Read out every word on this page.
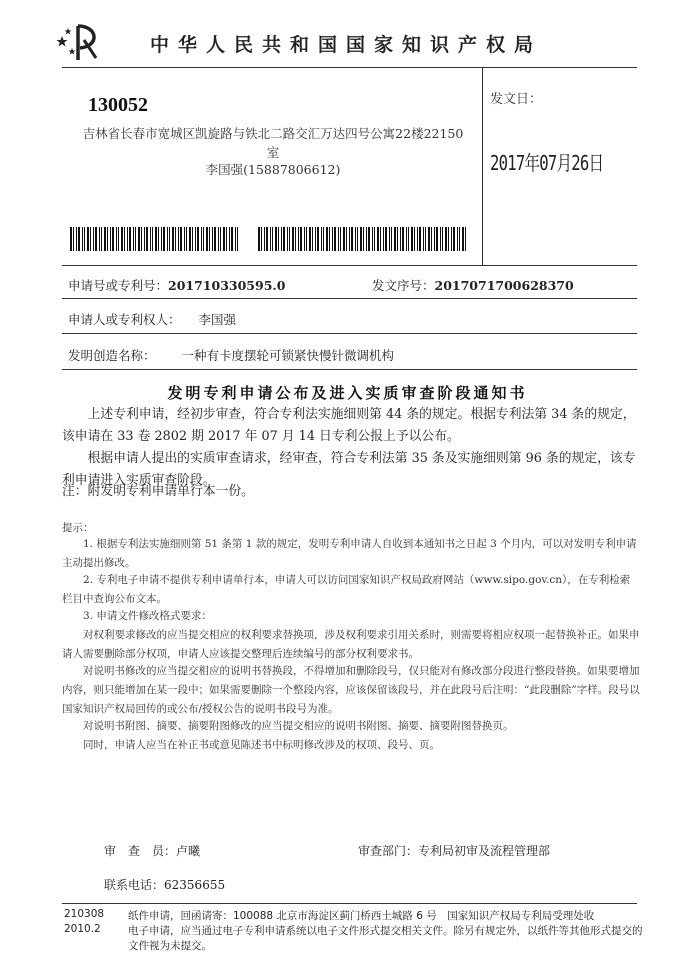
中华人民共和国国家知识产权局
130052
吉林省长春市宽城区凯旋路与铁北二路交汇万达四号公寓22楼22150室
李国强(15887806612)
发文日：
2017年07月26日
申请号或专利号：201710330595.0	发文序号：2017071700628370
申请人或专利权人： 李国强
发明创造名称： 一种有卡度摆轮可锁紧快慢针微调机构
发明专利申请公布及进入实质审查阶段通知书

上述专利申请，经初步审查，符合专利法实施细则第 44 条的规定。根据专利法第 34 条的规定，该申请在 33 卷 2802 期 2017 年 07 月 14 日专利公报上予以公布。

根据申请人提出的实质审查请求，经审查，符合专利法第 35 条及实施细则第 96 条的规定，该专利申请进入实质审查阶段。

注：附发明专利申请单行本一份。

提示：

1. 根据专利法实施细则第 51 条第 1 款的规定，发明专利申请人自收到本通知书之日起 3 个月内，可以对发明专利申请主动提出修改。

2. 专利电子申请不提供专利申请单行本，申请人可以访问国家知识产权局政府网站（www.sipo.gov.cn），在专利检索栏目中查询公布文本。

3. 申请文件修改格式要求：

对权利要求修改的应当提交相应的权利要求替换项，涉及权利要求引用关系时，则需要将相应权项一起替换补正。如果申请人需要删除部分权项，申请人应该提交整理后连续编号的部分权利要求书。

对说明书修改的应当提交相应的说明书替换段，不得增加和删除段号，仅只能对有修改部分段进行整段替换。如果要增加内容，则只能增加在某一段中；如果需要删除一个整段内容，应该保留该段号，并在此段号后注明：“此段删除”字样。段号以国家知识产权局回传的或公布/授权公告的说明书段号为准。

对说明书附图、摘要、摘要附图修改的应当提交相应的说明书附图、摘要、摘要附图替换页。

同时，申请人应当在补正书或意见陈述书中标明修改涉及的权项、段号、页。

审　查　员：卢曦	审查部门：专利局初审及流程管理部
联系电话：62356655
210308
2010.2
纸件申请，回函请寄：100088 北京市海淀区蓟门桥西土城路 6 号　国家知识产权局专利局受理处收
电子申请，应当通过电子专利申请系统以电子文件形式提交相关文件。除另有规定外，以纸件等其他形式提交的
文件视为未提交。
